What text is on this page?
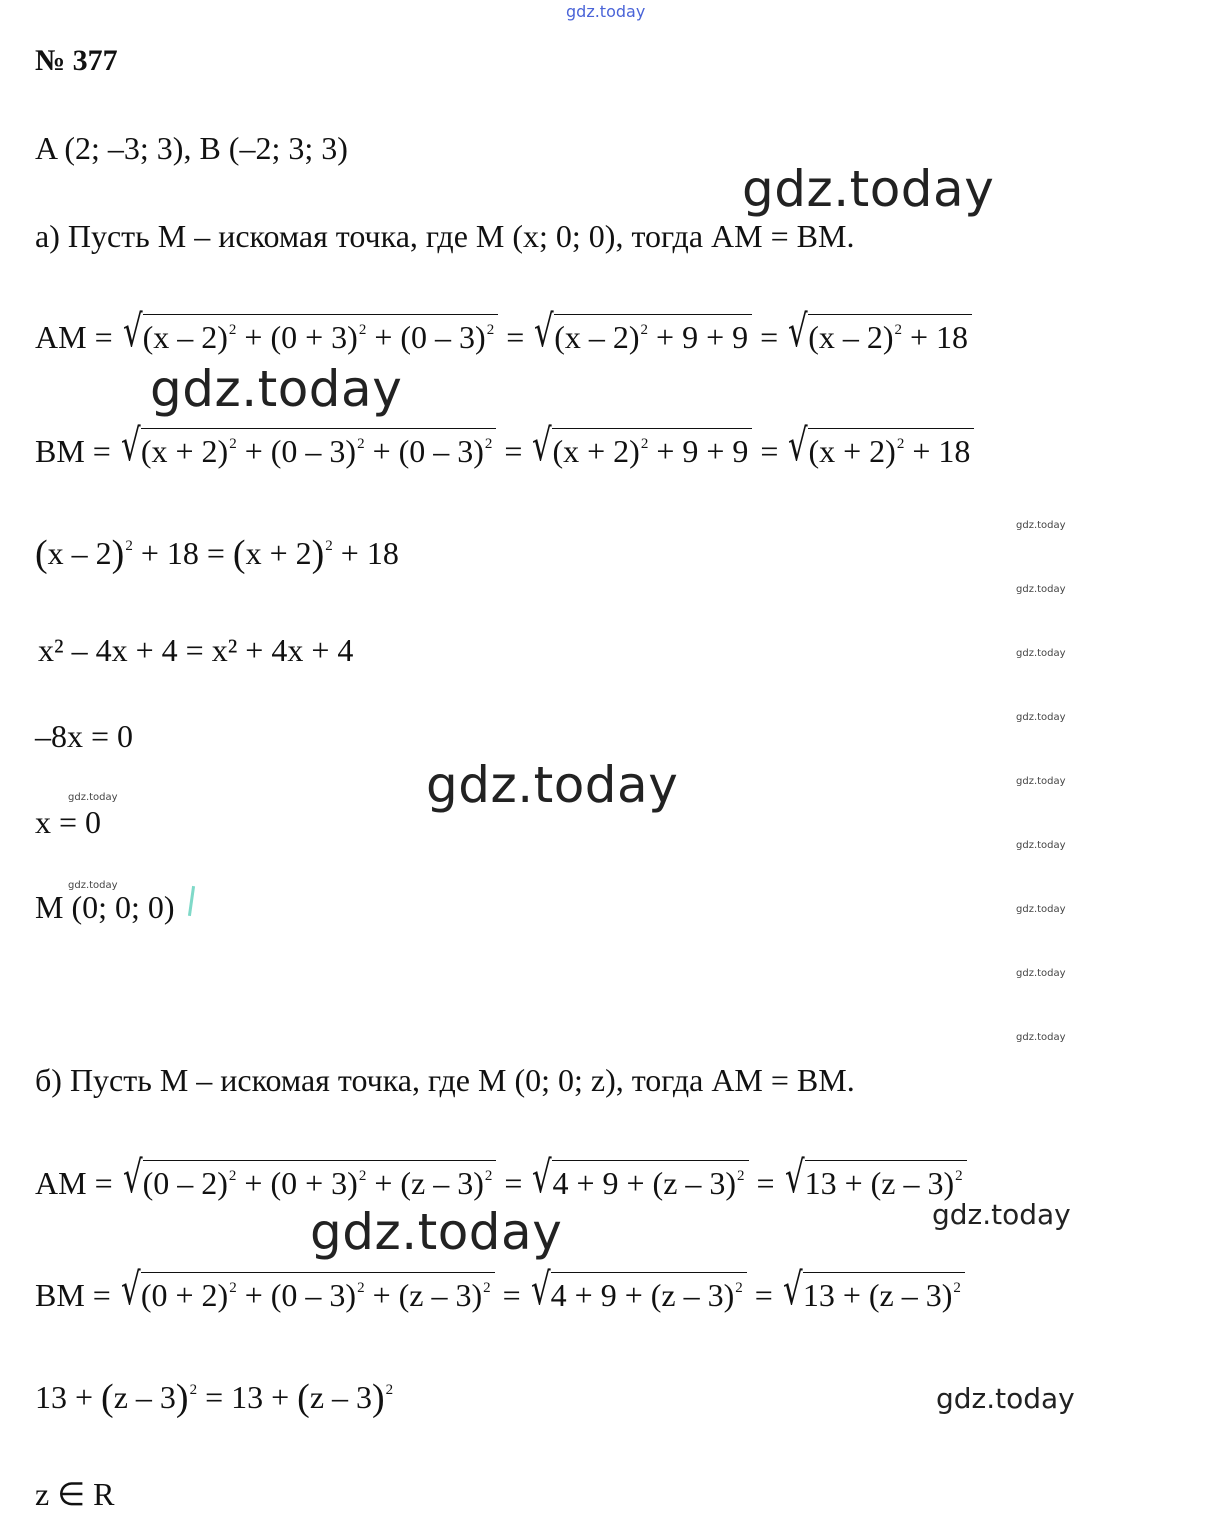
gdz.today
№ 377
A (2; –3; 3), B (–2; 3; 3)
а) Пусть M – искомая точка, где M (x; 0; 0), тогда AM = BM.
AM = √ $(x - 2)^2 + (0 + 3)^2 + (0 - 3)^2$ = √ (x – 2)$^2$ + 9 + 9 = √ (x – 2)$^2$ + 18
BM = √ $(x + 2)^2 + (0 - 3)^2 + (0 - 3)^2$ = √ $(x + 2)^2 + 9 + 9$ = √ $(x + 2)^2 + 18$
$(x - 2)^2 + 18 = (x + 2)^2 + 18$
x² – 4x + 4 = x² + 4x + 4
–8x = 0
x = 0
M (0; 0; 0)
б) Пусть M – искомая точка, где M (0; 0; z), тогда AM = BM.
AM = √ $(0 - 2)^2 + (0 + 3)^2 + (z - 3)^2$ = √ 4 + 9 + (z – 3)$^2$ = √ 13 + (z – 3)$^2$
BM = √ $(0 + 2)^2 + (0 - 3)^2 + (z - 3)^2$ = √ 4 + 9 + (z – 3)$^2$ = √ 13 + (z – 3)$^2$
13 + (z – 3)$^2$ = 13 + (z – 3)$^2$
z ∈ R
gdz.today
gdz.today
gdz.today
gdz.today	gdz.today
gdz.today
gdz.today
gdz.today
gdz.today
gdz.today
gdz.today
gdz.today
gdz.today
gdz.today
gdz.today
gdz.today
gdz.today
